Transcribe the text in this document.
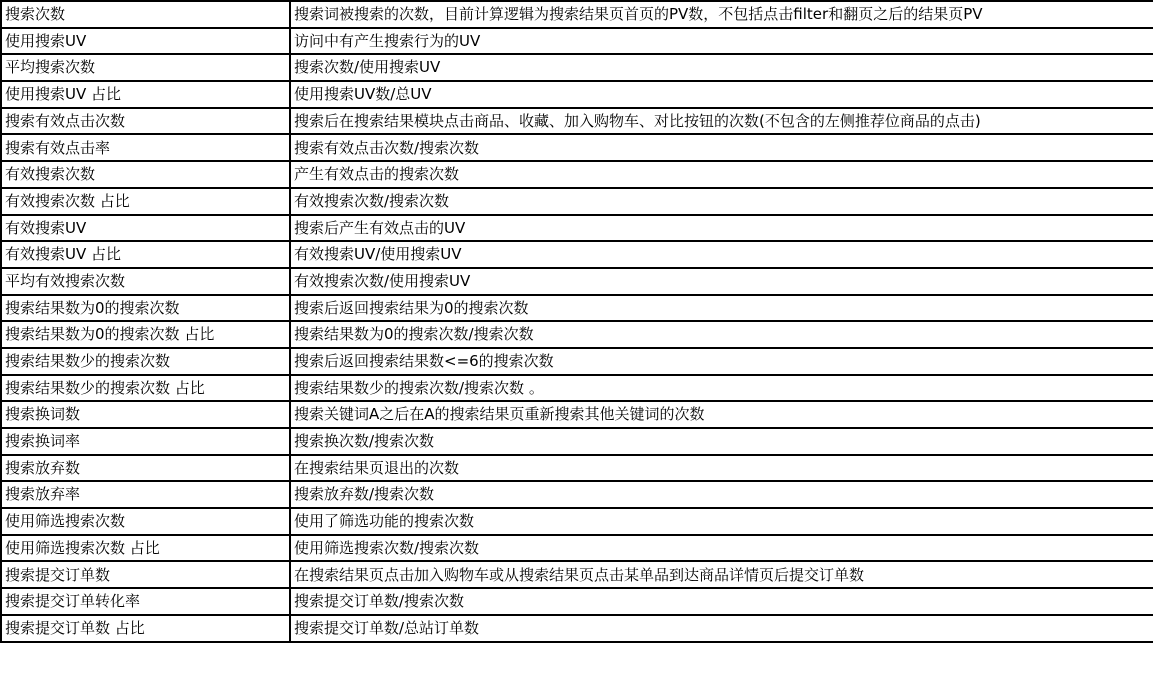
搜索次数	搜索词被搜索的次数，目前计算逻辑为搜索结果页首页的PV数，不包括点击filter和翻页之后的结果页PV
使用搜索UV	访问中有产生搜索行为的UV
平均搜索次数	搜索次数/使用搜索UV
使用搜索UV 占比	使用搜索UV数/总UV
搜索有效点击次数	搜索后在搜索结果模块点击商品、收藏、加入购物车、对比按钮的次数(不包含的左侧推荐位商品的点击)
搜索有效点击率	搜索有效点击次数/搜索次数
有效搜索次数	产生有效点击的搜索次数
有效搜索次数 占比	有效搜索次数/搜索次数
有效搜索UV	搜索后产生有效点击的UV
有效搜索UV 占比	有效搜索UV/使用搜索UV
平均有效搜索次数	有效搜索次数/使用搜索UV
搜索结果数为0的搜索次数	搜索后返回搜索结果为0的搜索次数
搜索结果数为0的搜索次数 占比	搜索结果数为0的搜索次数/搜索次数
搜索结果数少的搜索次数	搜索后返回搜索结果数<=6的搜索次数
搜索结果数少的搜索次数 占比	搜索结果数少的搜索次数/搜索次数 。
搜索换词数	搜索关键词A之后在A的搜索结果页重新搜索其他关键词的次数
搜索换词率	搜索换次数/搜索次数
搜索放弃数	在搜索结果页退出的次数
搜索放弃率	搜索放弃数/搜索次数
使用筛选搜索次数	使用了筛选功能的搜索次数
使用筛选搜索次数 占比	使用筛选搜索次数/搜索次数
搜索提交订单数	在搜索结果页点击加入购物车或从搜索结果页点击某单品到达商品详情页后提交订单数
搜索提交订单转化率	搜索提交订单数/搜索次数
搜索提交订单数 占比	搜索提交订单数/总站订单数
